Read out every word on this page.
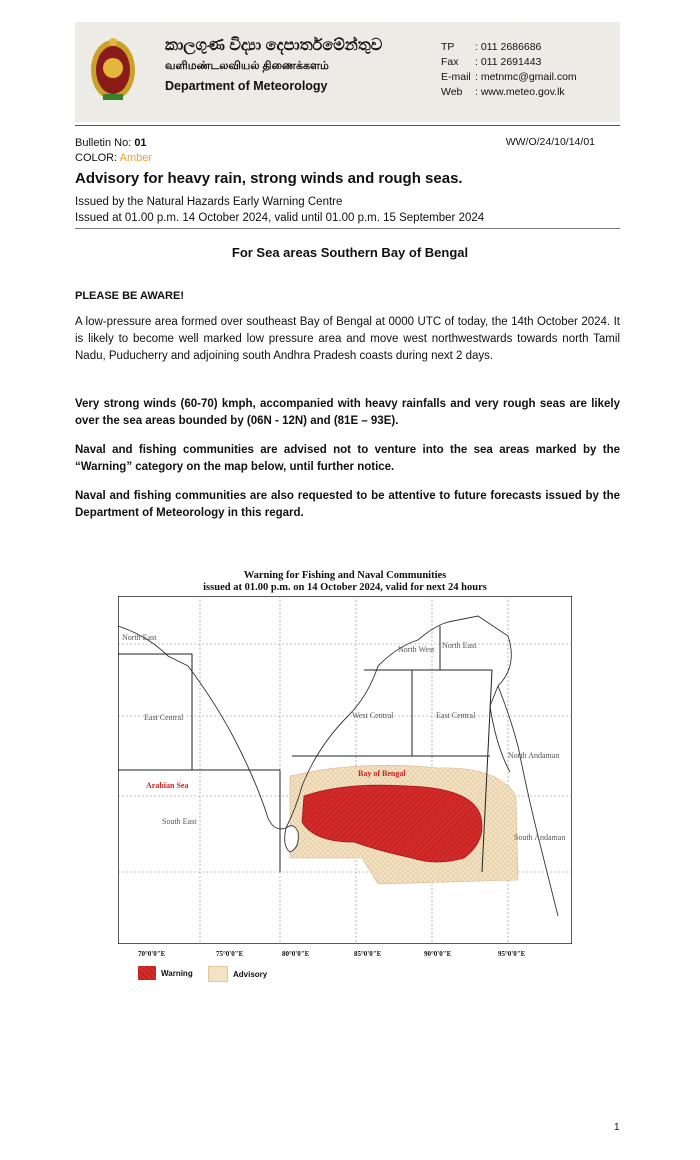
කාලගුණ විද්‍යා දෙපාර්තමේන්තුව
வளிமண்டலவியல் திணைக்களம்
Department of Meteorology
TP	: 011 2686686
Fax	: 011 2691443
E-mail : metnmc@gmail.com
Web	: www.meteo.gov.lk
Bulletin No: 01
COLOR: Amber
WW/O/24/10/14/01
Advisory for heavy rain, strong winds and rough seas.
Issued by the Natural Hazards Early Warning Centre
Issued at 01.00 p.m. 14 October 2024, valid until 01.00 p.m. 15 September 2024
For Sea areas Southern Bay of Bengal
PLEASE BE AWARE!
A low-pressure area formed over southeast Bay of Bengal at 0000 UTC of today, the 14th October 2024. It is likely to become well marked low pressure area and move west northwestwards towards north Tamil Nadu, Puducherry and adjoining south Andhra Pradesh coasts during next 2 days.
Very strong winds (60-70) kmph, accompanied with heavy rainfalls and very rough seas are likely over the sea areas bounded by (06N - 12N) and (81E – 93E).
Naval and fishing communities are advised not to venture into the sea areas marked by the “Warning” category on the map below, until further notice.
Naval and fishing communities are also requested to be attentive to future forecasts issued by the Department of Meteorology in this regard.
Warning for Fishing and Naval Communities
issued at 01.00 p.m. on 14 October 2024, valid for next 24 hours
North East
East Central
Arabian Sea
South East
North West North East
West Central	East Central
Bay of Bengal
North Andaman
South Andaman
70°0'0"E	75°0'0"E	80°0'0"E	85°0'0"E	90°0'0"E	95°0'0"E
Warning	Advisory
1
